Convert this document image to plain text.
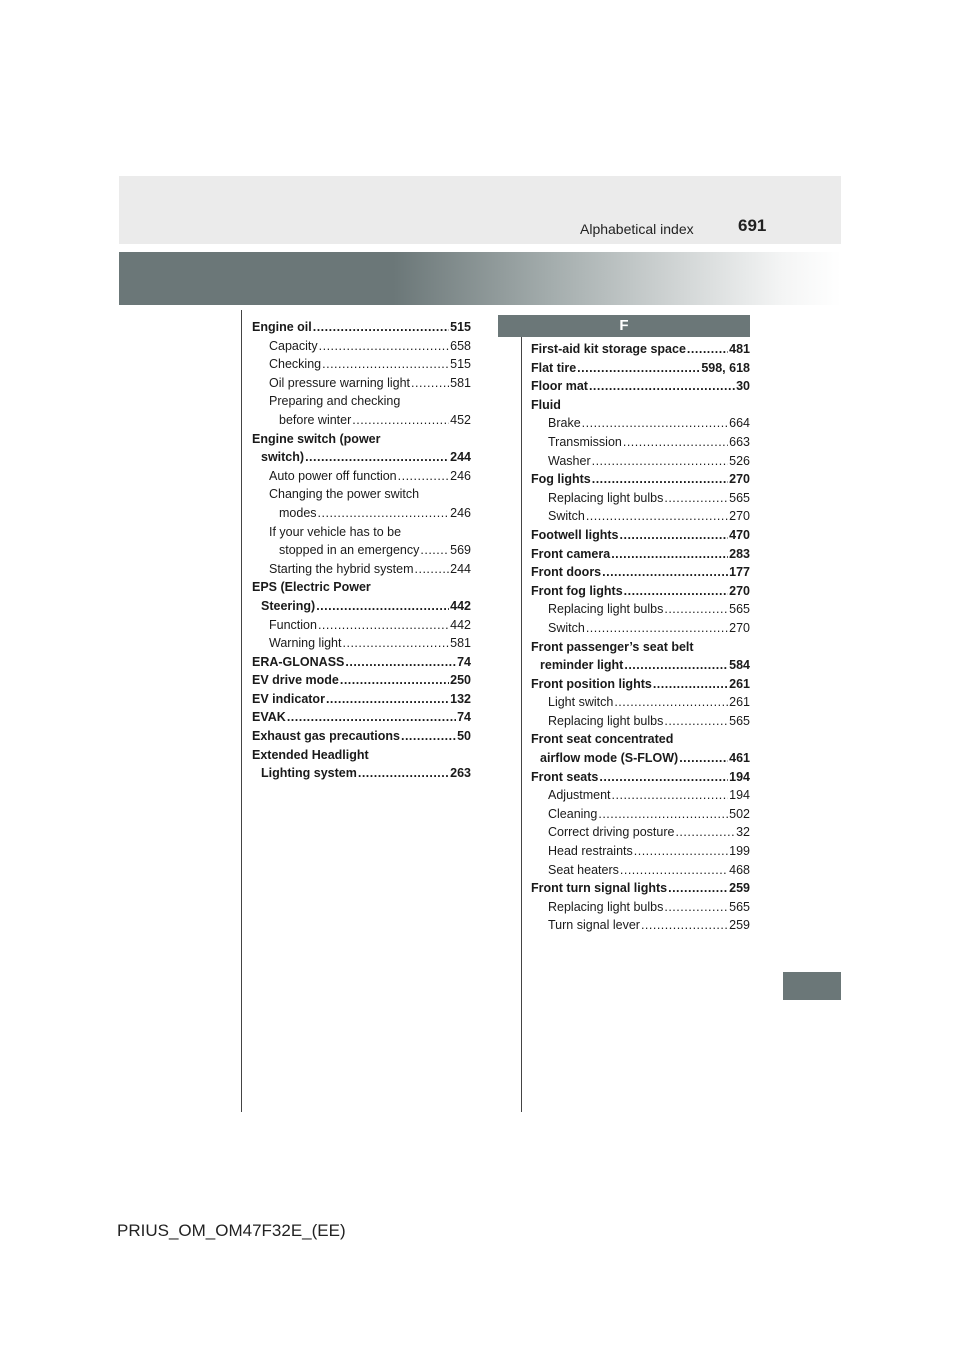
Alphabetical index	691
F
Engine oil .....	515
Capacity .....	658
Checking .....	515
Oil pressure warning light .....	581
Preparing and checking
before winter .....	452
Engine switch (power
switch) .....	244
Auto power off function .....	246
Changing the power switch
modes .....	246
If your vehicle has to be
stopped in an emergency ..... 569
Starting the hybrid system .....	244
EPS (Electric Power
Steering) .....	442
Function .....	442
Warning light .....	581
ERA-GLONASS .....	74
EV drive mode .....	250
EV indicator .....	132
EVAK .....	74
Exhaust gas precautions .....	50
Extended Headlight
Lighting system .....	263
First-aid kit storage space .....	481
Flat tire .....	598, 618
Floor mat .....	30
Fluid
Brake .....	664
Transmission .....	663
Washer .....	526
Fog lights .....	270
Replacing light bulbs .....	565
Switch .....	270
Footwell lights .....	470
Front camera .....	283
Front doors .....	177
Front fog lights .....	270
Replacing light bulbs .....	565
Switch .....	270
Front passenger’s seat belt
reminder light .....	584
Front position lights .....	261
Light switch .....	261
Replacing light bulbs .....	565
Front seat concentrated
airflow mode (S-FLOW) .....	461
Front seats .....	194
Adjustment .....	194
Cleaning .....	502
Correct driving posture .....	32
Head restraints .....	199
Seat heaters .....	468
Front turn signal lights .....	259
Replacing light bulbs .....	565
Turn signal lever .....	259
PRIUS_OM_OM47F32E_(EE)
